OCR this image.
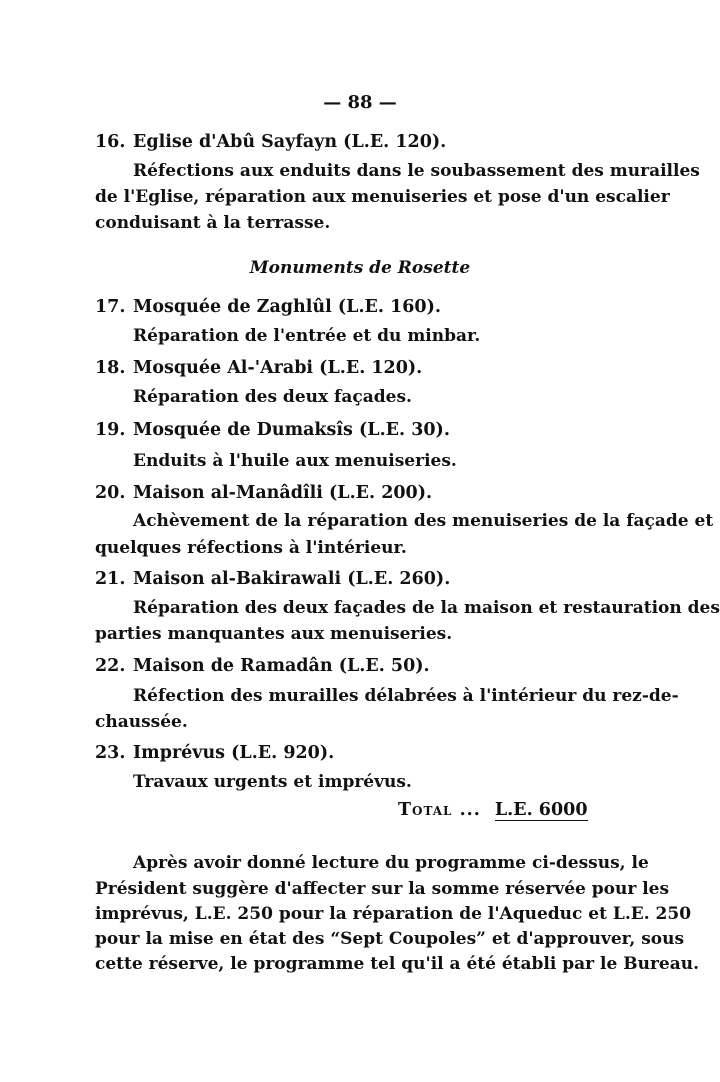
— 88 —
16. Eglise d'Abû Sayfayn (L.E. 120).
Réfections aux enduits dans le soubassement des murailles
de l'Eglise, réparation aux menuiseries et pose d'un escalier
conduisant à la terrasse.
Monuments de Rosette
17. Mosquée de Zaghlûl (L.E. 160).
Réparation de l'entrée et du minbar.
18. Mosquée Al-'Arabi (L.E. 120).
Réparation des deux façades.
19. Mosquée de Dumaksîs (L.E. 30).
Enduits à l'huile aux menuiseries.
20. Maison al-Manâdîli (L.E. 200).
Achèvement de la réparation des menuiseries de la façade et
quelques réfections à l'intérieur.
21. Maison al-Bakirawali (L.E. 260).
Réparation des deux façades de la maison et restauration des
parties manquantes aux menuiseries.
22. Maison de Ramadân (L.E. 50).
Réfection des murailles délabrées à l'intérieur du rez-de-
chaussée.
23. Imprévus (L.E. 920).
Travaux urgents et imprévus.
Total ... L.E. 6000
Après avoir donné lecture du programme ci-dessus, le
Président suggère d'affecter sur la somme réservée pour les
imprévus, L.E. 250 pour la réparation de l'Aqueduc et L.E. 250
pour la mise en état des “Sept Coupoles” et d'approuver, sous
cette réserve, le programme tel qu'il a été établi par le Bureau.
